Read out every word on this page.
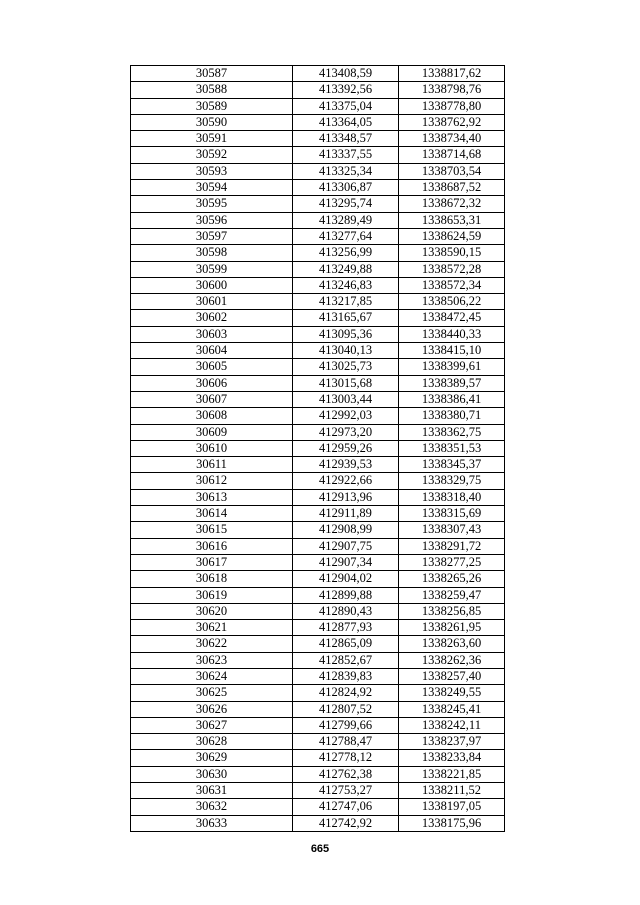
30587	413408,59	1338817,62
30588	413392,56	1338798,76
30589	413375,04	1338778,80
30590	413364,05	1338762,92
30591	413348,57	1338734,40
30592	413337,55	1338714,68
30593	413325,34	1338703,54
30594	413306,87	1338687,52
30595	413295,74	1338672,32
30596	413289,49	1338653,31
30597	413277,64	1338624,59
30598	413256,99	1338590,15
30599	413249,88	1338572,28
30600	413246,83	1338572,34
30601	413217,85	1338506,22
30602	413165,67	1338472,45
30603	413095,36	1338440,33
30604	413040,13	1338415,10
30605	413025,73	1338399,61
30606	413015,68	1338389,57
30607	413003,44	1338386,41
30608	412992,03	1338380,71
30609	412973,20	1338362,75
30610	412959,26	1338351,53
30611	412939,53	1338345,37
30612	412922,66	1338329,75
30613	412913,96	1338318,40
30614	412911,89	1338315,69
30615	412908,99	1338307,43
30616	412907,75	1338291,72
30617	412907,34	1338277,25
30618	412904,02	1338265,26
30619	412899,88	1338259,47
30620	412890,43	1338256,85
30621	412877,93	1338261,95
30622	412865,09	1338263,60
30623	412852,67	1338262,36
30624	412839,83	1338257,40
30625	412824,92	1338249,55
30626	412807,52	1338245,41
30627	412799,66	1338242,11
30628	412788,47	1338237,97
30629	412778,12	1338233,84
30630	412762,38	1338221,85
30631	412753,27	1338211,52
30632	412747,06	1338197,05
30633	412742,92	1338175,96
665
